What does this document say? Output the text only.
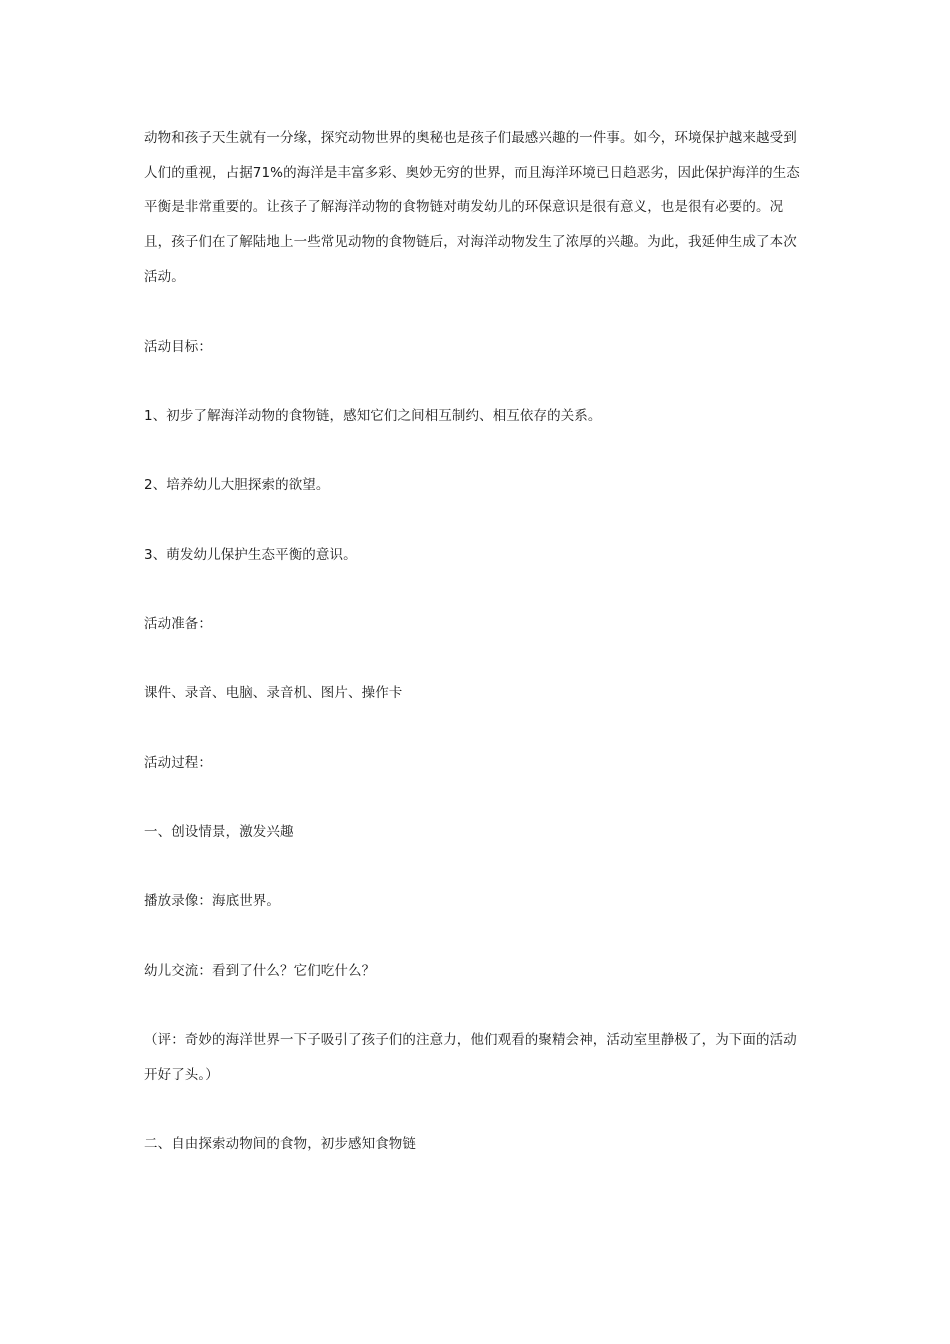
动物和孩子天生就有一分缘，探究动物世界的奥秘也是孩子们最感兴趣的一件事。如今，环境保护越来越受到人们的重视，占据71%的海洋是丰富多彩、奥妙无穷的世界，而且海洋环境已日趋恶劣，因此保护海洋的生态平衡是非常重要的。让孩子了解海洋动物的食物链对萌发幼儿的环保意识是很有意义，也是很有必要的。况且，孩子们在了解陆地上一些常见动物的食物链后，对海洋动物发生了浓厚的兴趣。为此，我延伸生成了本次活动。

活动目标：

1、初步了解海洋动物的食物链，感知它们之间相互制约、相互依存的关系。

2、培养幼儿大胆探索的欲望。

3、萌发幼儿保护生态平衡的意识。

活动准备：

课件、录音、电脑、录音机、图片、操作卡

活动过程：

一、创设情景，激发兴趣

播放录像：海底世界。

幼儿交流：看到了什么？它们吃什么？

（评：奇妙的海洋世界一下子吸引了孩子们的注意力，他们观看的聚精会神，活动室里静极了，为下面的活动开好了头。）

二、自由探索动物间的食物，初步感知食物链
